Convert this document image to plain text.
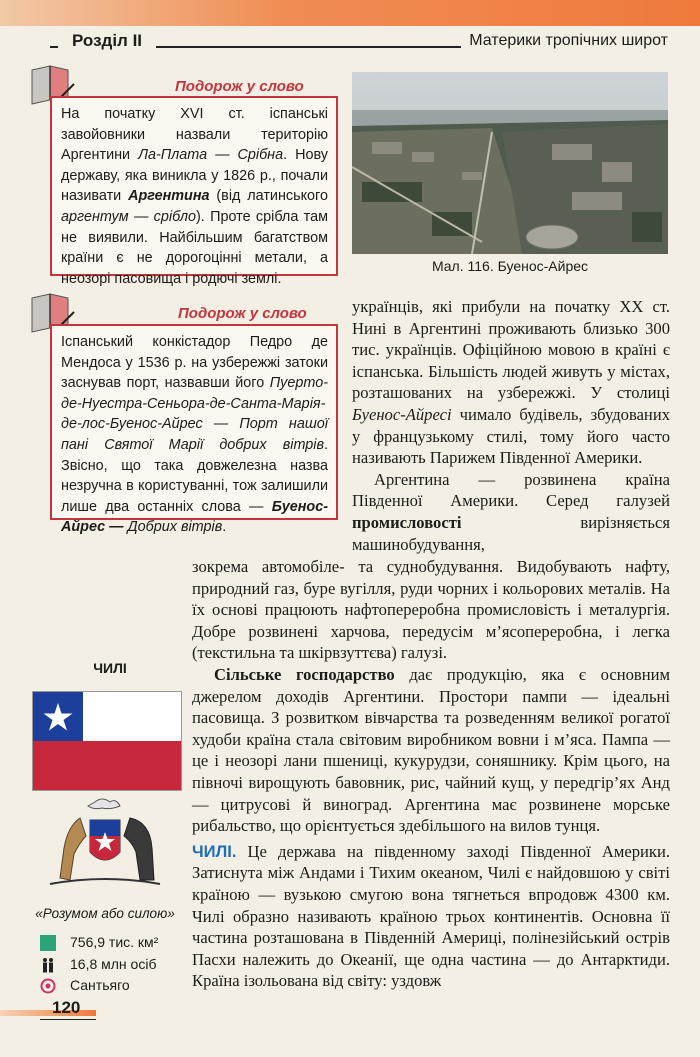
Розділ ІІ	Материки тропічних широт
Подорож у слово

На початку XVI ст. іспанські завойовники назвали територію Аргентини Ла-Плата — Срібна. Нову державу, яка виникла у 1826 р., почали називати Аргентина (від латинського аргентум — срібло). Проте срібла там не виявили. Найбільшим багатством країни є не дорогоцінні метали, а неозорі пасовища і родючі землі.

Мал. 116. Буенос-Айрес
Подорож у слово

Іспанський конкістадор Педро де Мендоса у 1536 р. на узбережжі затоки заснував порт, назвавши його Пуерто-де-Нуестра-Сеньора-де-Санта-Марія-де-лос-Буенос-Айрес — Порт нашої пані Святої Марії добрих вітрів. Звісно, що така довжелезна назва незручна в користуванні, тож залишили лише два останніх слова — Буенос-Айрес — Добрих вітрів.

українців, які прибули на початку XX ст. Нині в Аргентині проживають близько 300 тис. українців. Офіційною мовою в країні є іспанська. Більшість людей живуть у містах, розташованих на узбережжі. У столиці Буенос-Айресі чимало будівель, збудованих у французькому стилі, тому його часто називають Парижем Південної Америки.

Аргентина — розвинена країна Південної Америки. Серед галузей промисловості вирізняється машинобудування,

зокрема автомобіле- та суднобудування. Видобувають нафту, природний газ, буре вугілля, руди чорних і кольорових металів. На їх основі працюють нафтопереробна промисловість і металургія. Добре розвинені харчова, передусім м’ясопереробна, і легка (текстильна та шкірвзуттєва) галузі.

Сільське господарство дає продукцію, яка є основним джерелом доходів Аргентини. Простори пампи — ідеальні пасовища. З розвитком вівчарства та розведенням великої рогатої худоби країна стала світовим виробником вовни і м’яса. Пампа — це і неозорі лани пшениці, кукурудзи, соняшнику. Крім цього, на півночі вирощують бавовник, рис, чайний кущ, у передгір’ях Анд — цитрусові й виноград. Аргентина має розвинене морське рибальство, що орієнтується здебільшого на вилов тунця.

ЧИЛІ. Це держава на південному заході Південної Америки. Затиснута між Андами і Тихим океаном, Чилі є найдовшою у світі країною — вузькою смугою вона тягнеться впродовж 4300 км. Чилі образно називають країною трьох континентів. Основна її частина розташована в Південній Америці, полінезійський острів Пасхи належить до Океанії, ще одна частина — до Антарктиди. Країна ізольована від світу: уздовж

ЧИЛІ
«Розумом або силою»
756,9 тис. км²
16,8 млн осіб
Сантьяго
120
